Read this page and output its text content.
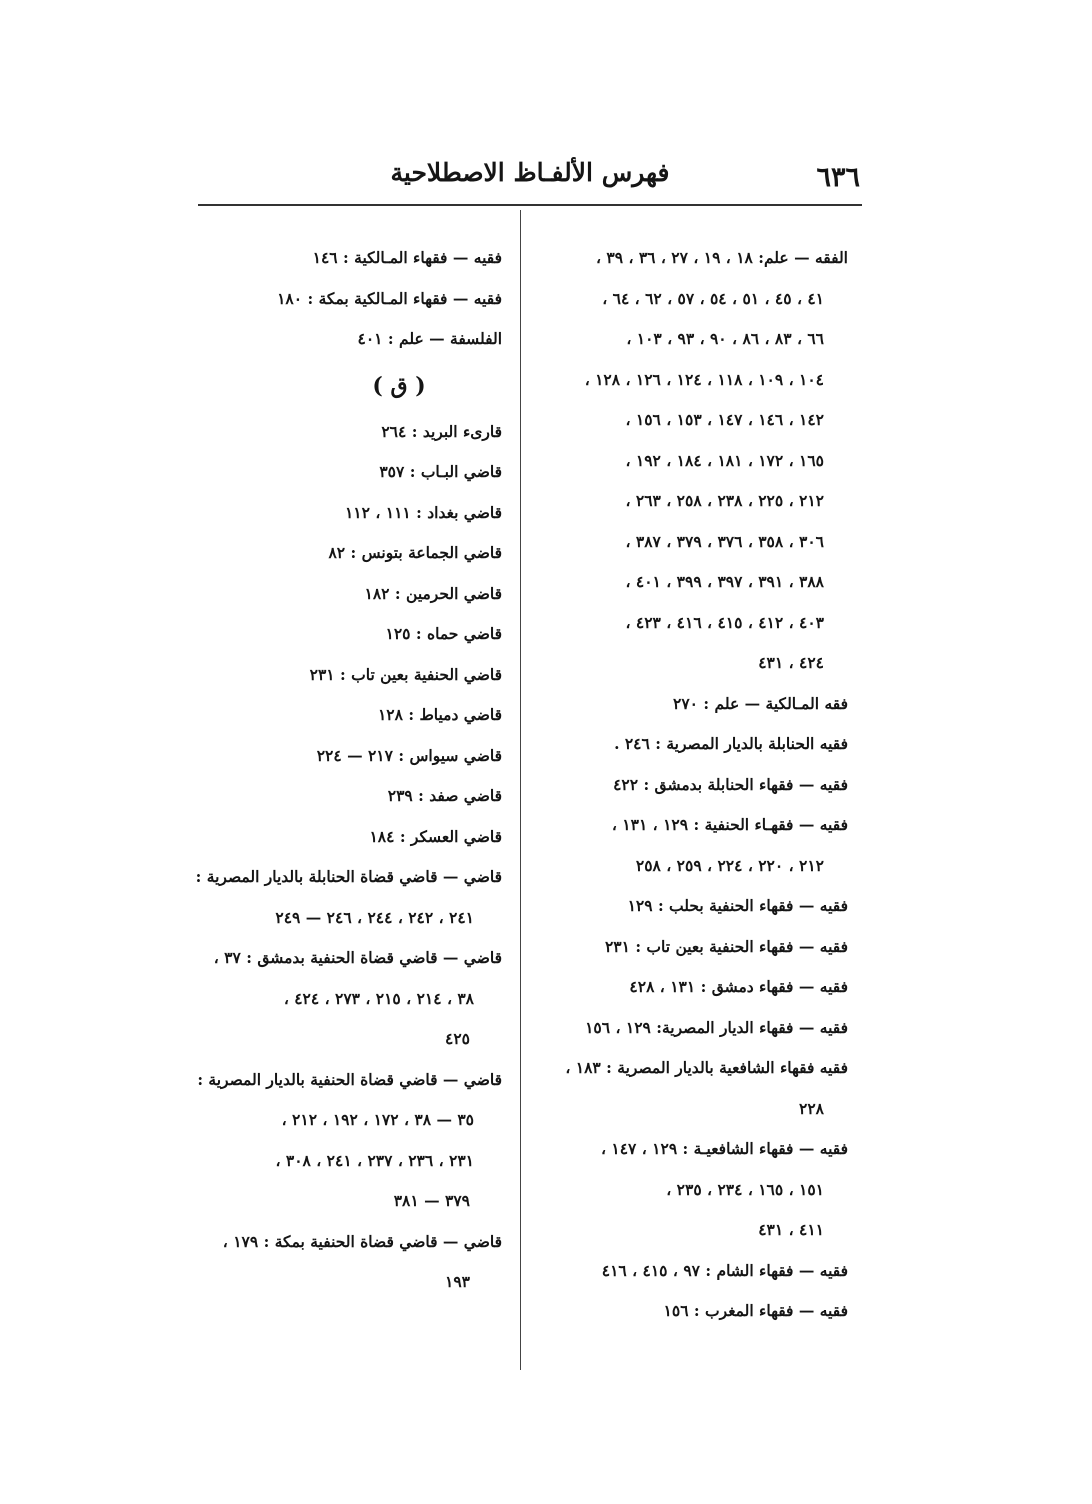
٦٣٦
فهرس الألفـاظ الاصطلاحية
الفقه — علم: ١٨ ، ١٩ ، ٢٧ ، ٣٦ ، ٣٩ ،
٤١ ، ٤٥ ، ٥١ ، ٥٤ ، ٥٧ ، ٦٢ ، ٦٤ ،
٦٦ ، ٨٣ ، ٨٦ ، ٩٠ ، ٩٣ ، ١٠٣ ،
١٠٤ ، ١٠٩ ، ١١٨ ، ١٢٤ ، ١٢٦ ، ١٢٨ ،
١٤٢ ، ١٤٦ ، ١٤٧ ، ١٥٣ ، ١٥٦ ،
١٦٥ ، ١٧٢ ، ١٨١ ، ١٨٤ ، ١٩٢ ،
٢١٢ ، ٢٢٥ ، ٢٣٨ ، ٢٥٨ ، ٢٦٣ ،
٣٠٦ ، ٣٥٨ ، ٣٧٦ ، ٣٧٩ ، ٣٨٧ ،
٣٨٨ ، ٣٩١ ، ٣٩٧ ، ٣٩٩ ، ٤٠١ ،
٤٠٣ ، ٤١٢ ، ٤١٥ ، ٤١٦ ، ٤٢٣ ،
٤٢٤ ، ٤٣١
فقه المـالكية — علم : ٢٧٠
فقيه الحنابلة بالديار المصرية : ٢٤٦ .
فقيه — فقهاء الحنابلة بدمشق : ٤٢٢
فقيه — فقهـاء الحنفية : ١٢٩ ، ١٣١ ،
٢١٢ ، ٢٢٠ ، ٢٢٤ ، ٢٥٩ ، ٢٥٨
فقيه — فقهاء الحنفية بحلب : ١٢٩
فقيه — فقهاء الحنفية بعين تاب : ٢٣١
فقيه — فقهاء دمشق : ١٣١ ، ٤٢٨
فقيه — فقهاء الديار المصرية: ١٢٩ ، ١٥٦
فقيه فقهاء الشافعية بالديار المصرية : ١٨٣ ،
٢٢٨
فقيه — فقهاء الشافعيـة : ١٢٩ ، ١٤٧ ،
١٥١ ، ١٦٥ ، ٢٣٤ ، ٢٣٥ ،
٤١١ ، ٤٣١
فقيه — فقهاء الشام : ٩٧ ، ٤١٥ ، ٤١٦
فقيه — فقهاء المغرب : ١٥٦
فقيه — فقهاء المـالكية : ١٤٦
فقيه — فقهاء المـالكية بمكة : ١٨٠
الفلسفة — علم : ٤٠١
( ق )
قارىء البريد : ٢٦٤
قاضي البـاب : ٣٥٧
قاضي بغداد : ١١١ ، ١١٢
قاضي الجماعة بتونس : ٨٢
قاضي الحرمين : ١٨٢
قاضي حماه : ١٢٥
قاضي الحنفية بعين تاب : ٢٣١
قاضي دمياط : ١٢٨
قاضي سيواس : ٢١٧ — ٢٢٤
قاضي صفد : ٢٣٩
قاضي العسكر : ١٨٤
قاضي — قاضي قضاة الحنابلة بالديار المصرية :
٢٤١ ، ٢٤٢ ، ٢٤٤ ، ٢٤٦ — ٢٤٩
قاضي — قاضي قضاة الحنفية بدمشق : ٣٧ ،
٣٨ ، ٢١٤ ، ٢١٥ ، ٢٧٣ ، ٤٢٤ ،
٤٢٥
قاضي — قاضي قضاة الحنفية بالديار المصرية :
٣٥ — ٣٨ ، ١٧٢ ، ١٩٢ ، ٢١٢ ،
٢٣١ ، ٢٣٦ ، ٢٣٧ ، ٢٤١ ، ٣٠٨ ،
٣٧٩ — ٣٨١
قاضي — قاضي قضاة الحنفية بمكة : ١٧٩ ،
١٩٣
